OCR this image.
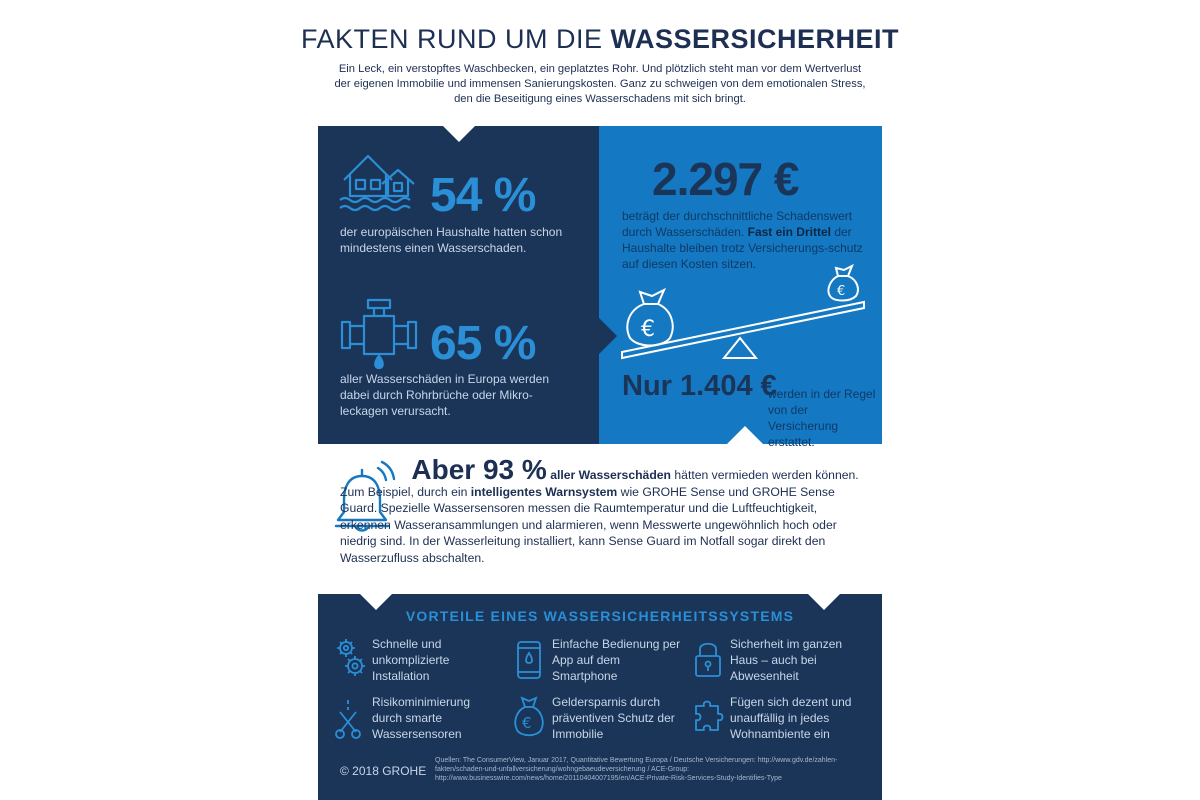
FAKTEN RUND UM DIE WASSERSICHERHEIT
Ein Leck, ein verstopftes Waschbecken, ein geplatztes Rohr. Und plötzlich steht man vor dem Wertverlust der eigenen Immobilie und immensen Sanierungskosten. Ganz zu schweigen von dem emotionalen Stress, den die Beseitigung eines Wasserschadens mit sich bringt.
54 %
der europäischen Haushalte hatten schon mindestens einen Wasserschaden.
65 %
aller Wasserschäden in Europa werden dabei durch Rohrbrüche oder Mikro-leckagen verursacht.
2.297 €
beträgt der durchschnittliche Schadenswert durch Wasserschäden. Fast ein Drittel der Haushalte bleiben trotz Versicherungs-schutz auf diesen Kosten sitzen.
€
€
Nur 1.404 €
werden in der Regel von der Versicherung erstattet.
Aber 93 % aller Wasserschäden hätten vermieden werden können. Zum Beispiel, durch ein intelligentes Warnsystem wie GROHE Sense und GROHE Sense Guard. Spezielle Wassersensoren messen die Raumtemperatur und die Luftfeuchtigkeit, erkennen Wasseransammlungen und alarmieren, wenn Messwerte ungewöhnlich hoch oder niedrig sind. In der Wasserleitung installiert, kann Sense Guard im Notfall sogar direkt den Wasserzufluss abschalten.
VORTEILE EINES WASSERSICHERHEITSSYSTEMS
Schnelle und unkomplizierte Installation
Einfache Bedienung per App auf dem Smartphone
Sicherheit im ganzen Haus – auch bei Abwesenheit
Risikominimierung durch smarte Wassersensoren
€
Geldersparnis durch präventiven Schutz der Immobilie
Fügen sich dezent und unauffällig in jedes Wohnambiente ein
© 2018 GROHE
Quellen: The ConsumerView, Januar 2017, Quantitative Bewertung Europa / Deutsche Versicherungen: http://www.gdv.de/zahlen-fakten/schaden-und-unfallversicherung/wohngebaeudeversicherung / ACE-Group: http://www.businesswire.com/news/home/20110404007195/en/ACE-Private-Risk-Services-Study-Identifies-Type
